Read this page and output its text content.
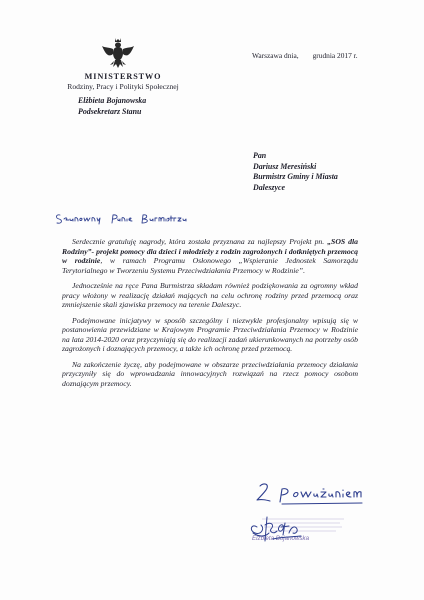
MINISTERSTWO
Rodziny, Pracy i Polityki Społecznej
Elżbieta Bojanowska
Podsekretarz Stanu
Warszawa dnia, grudnia 2017 r.
Pan
Dariusz Meresiński
Burmistrz Gminy i Miasta
Daleszyce

Serdecznie gratuluję nagrody, która została przyznana za najlepszy Projekt pn. „SOS dla Rodziny”- projekt pomocy dla dzieci i młodzieży z rodzin zagrożonych i dotkniętych przemocą w rodzinie, w ramach Programu Osłonowego „Wspieranie Jednostek Samorządu Terytorialnego w Tworzeniu Systemu Przeciwdziałania Przemocy w Rodzinie”.

Jednocześnie na ręce Pana Burmistrza składam również podziękowania za ogromny wkład pracy włożony w realizację działań mających na celu ochronę rodziny przed przemocą oraz zmniejszenie skali zjawiska przemocy na terenie Daleszyc.

Podejmowane inicjatywy w sposób szczególny i niezwykle profesjonalny wpisują się w postanowienia przewidziane w Krajowym Programie Przeciwdziałania Przemocy w Rodzinie na lata 2014-2020 oraz przyczyniają się do realizacji zadań ukierunkowanych na potrzeby osób zagrożonych i doznających przemocy, a także ich ochronę przed przemocą.

Na zakończenie życzę, aby podejmowane w obszarze przeciwdziałania przemocy działania przyczyniły się do wprowadzania innowacyjnych rozwiązań na rzecz pomocy osobom doznającym przemocy.

Elżbieta Bojanowska
